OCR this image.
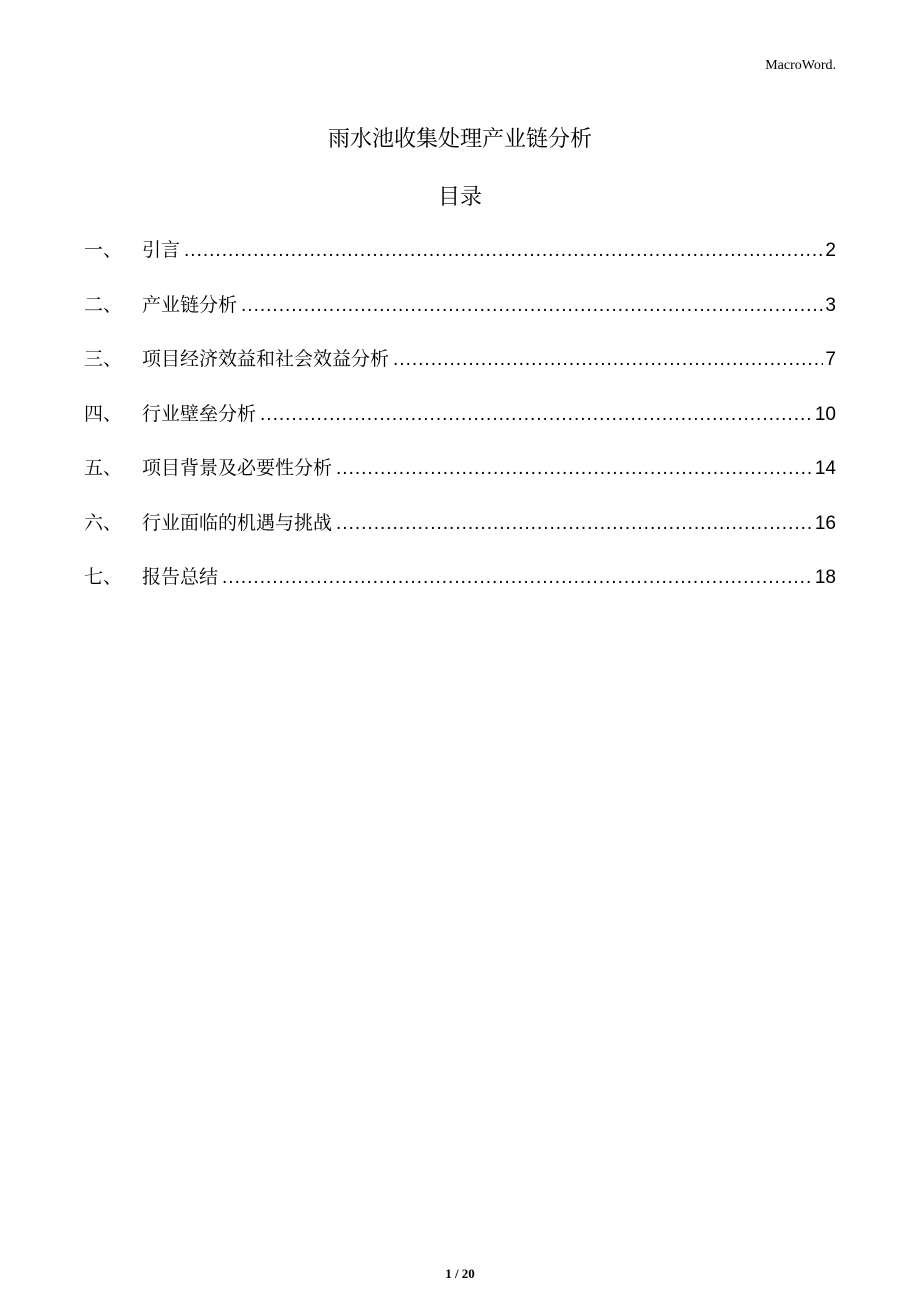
MacroWord.
雨水池收集处理产业链分析
目录
一、	引言 .....	2
二、	产业链分析 .....	3
三、	项目经济效益和社会效益分析 .....	7
四、	行业壁垒分析 .....	10
五、	项目背景及必要性分析 .....	14
六、	行业面临的机遇与挑战 .....	16
七、	报告总结 .....	18
1 / 20
